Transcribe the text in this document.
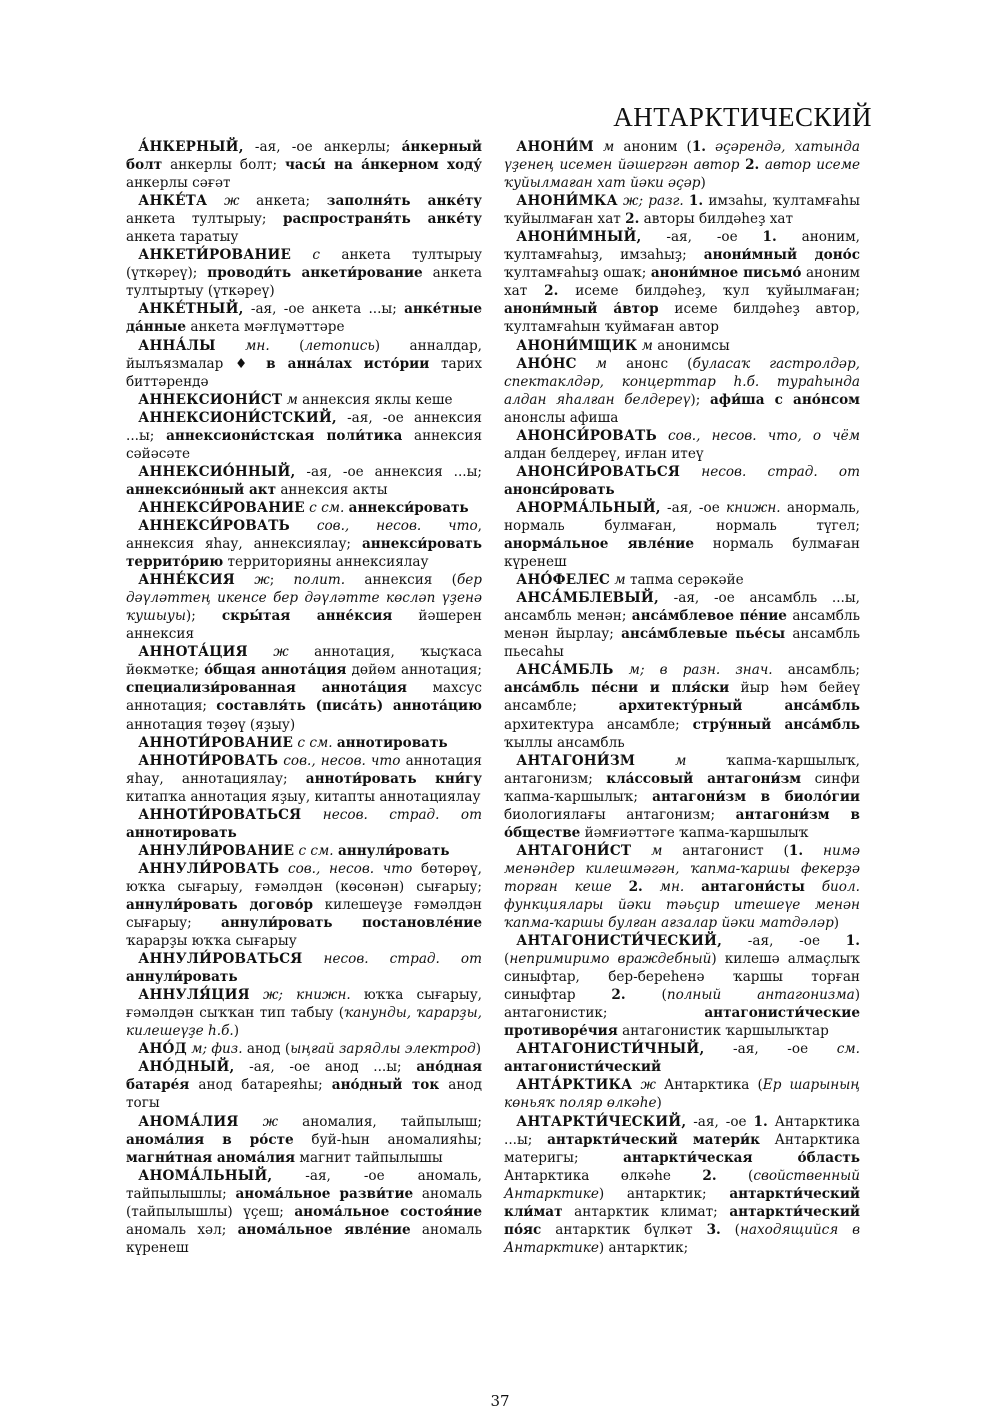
АНТАРКТИЧЕСКИЙ

А́НКЕРНЫЙ, -ая, -ое анкерлы; а́нкерный болт анкерлы болт; часы́ на а́нкерном ходу́ анкерлы сәғәт

АНКЕ́ТА ж анкета; заполня́ть анке́ту анкета тултырыу; распространя́ть анке́ту анкета таратыу

АНКЕТИ́РОВАНИЕ с анкета тултырыу (үткәреү); проводи́ть анкети́рование анкета тултыртыу (үткәреү)

АНКЕ́ТНЫЙ, -ая, -ое анкета ...ы; анке́тные да́нные анкета мәғлүмәттәре

АННА́ЛЫ мн. (летопись) анналдар, йылъязмалар ♦ в анна́лах исто́рии тарих биттәрендә

АННЕКСИОНИ́СТ м аннексия яклы кеше

АННЕКСИОНИ́СТСКИЙ, -ая, -ое аннексия ...ы; аннексиони́стская поли́тика аннексия сәйәсәте

АННЕКСИО́ННЫЙ, -ая, -ое аннексия ...ы; аннексио́нный акт аннексия акты

АННЕКСИ́РОВАНИЕ с см. аннекси́ровать

АННЕКСИ́РОВАТЬ сов., несов. что, аннексия яһау, аннексиялау; аннекси́ровать террито́рию территорияны аннексиялау

АННЕ́КСИЯ ж; полит. аннексия (бер дәүләттең икенсе бер дәүләтте көсләп үҙенә ҡушыуы); скры́тая анне́ксия йәшерен аннексия

АННОТА́ЦИЯ ж аннотация, ҡыҫҡаса йөкмәтке; о́бщая аннота́ция дөйөм аннотация; специализи́рованная аннота́ция махсус аннотация; составля́ть (писа́ть) аннота́цию аннотация төҙөү (яҙыу)

АННОТИ́РОВАНИЕ с см. аннотировать

АННОТИ́РОВАТЬ сов., несов. что аннотация яһау, аннотациялау; анноти́ровать кни́гу китапҡа аннотация яҙыу, китапты аннотациялау

АННОТИ́РОВАТЬСЯ несов. страд. от аннотировать

АННУЛИ́РОВАНИЕ с см. аннули́ровать

АННУЛИ́РОВАТЬ сов., несов. что бөтөрөү, юҡҡа сығарыу, ғәмәлдән (көсөнән) сығарыу; аннули́ровать догово́р килешеүҙе ғәмәлдән сығарыу; аннули́ровать постановле́ние ҡарарҙы юҡҡа сығарыу

АННУЛИ́РОВАТЬСЯ несов. страд. от аннули́ровать

АННУЛЯ́ЦИЯ ж; книжн. юҡҡа сығарыу, ғәмәлдән сыҡҡан тип табыу (ҡанунды, ҡарарҙы, килешеүҙе һ.б.)

АНО́Д м; физ. анод (ыңғай зарядлы электрод)

АНО́ДНЫЙ, -ая, -ое анод ...ы; ано́дная батаре́я анод батареяһы; ано́дный ток анод тогы

АНОМА́ЛИЯ ж аномалия, тайпылыш; анома́лия в ро́сте буй-һын аномалияһы; магни́тная анома́лия магнит тайпылышы

АНОМА́ЛЬНЫЙ, -ая, -ое аномаль, тайпылышлы; анома́льное разви́тие аномаль (тайпылышлы) үҫеш; анома́льное состоя́ние аномаль хәл; анома́льное явле́ние аномаль күренеш

АНОНИ́М м аноним (1. әҫәрендә, хатында үҙенең исемен йәшергән автор 2. автор исеме ҡуйылмаған хат йәки әҫәр)

АНОНИ́МКА ж; разг. 1. имзаһы, ҡултамғаһы ҡуйылмаған хат 2. авторы билдәһеҙ хат

АНОНИ́МНЫЙ, -ая, -ое 1. аноним, ҡултамғаһыҙ, имзаһыҙ; анони́мный доно́с ҡултамғаһыҙ ошаҡ; анони́мное письмо́ аноним хат 2. исеме билдәһеҙ, ҡул ҡуйылмаған; анони́мный а́втор исеме билдәһеҙ автор, ҡултамғаһын ҡуймаған автор

АНОНИ́МЩИК м анонимсы

АНО́НС м анонс (буласаҡ гастролдәр, спектаклдәр, концерттар һ.б. тураһында алдан яһалған белдереү); афи́ша с ано́нсом анонслы афиша

АНОНСИ́РОВАТЬ сов., несов. что, о чём алдан белдереү, иғлан итеү

АНОНСИ́РОВАТЬСЯ несов. страд. от анонси́ровать

АНОРМА́ЛЬНЫЙ, -ая, -ое книжн. анормаль, нормаль булмаған, нормаль түгел; анорма́льное явле́ние нормаль булмаған күренеш

АНО́ФЕЛЕС м тапма серәкәйе

АНСА́МБЛЕВЫЙ, -ая, -ое ансамбль ...ы, ансамбль менән; анса́мблевое пе́ние ансамбль менән йырлау; анса́мблевые пье́сы ансамбль пьесаһы

АНСА́МБЛЬ м; в разн. знач. ансамбль; анса́мбль пе́сни и пля́ски йыр һәм бейеү ансамбле; архитекту́рный анса́мбль архитектура ансамбле; стру́нный анса́мбль ҡыллы ансамбль

АНТАГОНИ́ЗМ м ҡапма-ҡаршылыҡ, антагонизм; кла́ссовый антагони́зм синфи ҡапма-ҡаршылыҡ; антагони́зм в биоло́гии биологиялағы антагонизм; антагони́зм в о́бществе йәмғиәттәге ҡапма-ҡаршылыҡ

АНТАГОНИ́СТ м антагонист (1. нимә менәндер килешмәгән, ҡапма-ҡаршы фекерҙә торған кеше 2. мн. антагони́сты биол. функциялары йәки тәьҫир итешеүе менән ҡапма-ҡаршы булған ағзалар йәки матдәләр)

АНТАГОНИСТИ́ЧЕСКИЙ, -ая, -ое 1. (непримиримо враждебный) килешә алмаҫлыҡ синыфтар, бер-береһенә ҡаршы торған синыфтар 2. (полный антагонизма) антагонистик; антагонисти́ческие противоре́чия антагонистик ҡаршылыҡтар

АНТАГОНИСТИ́ЧНЫЙ, -ая, -ое см. антагонисти́ческий

АНТА́РКТИКА ж Антарктика (Ер шарының көньяҡ поляр өлкәһе)

АНТАРКТИ́ЧЕСКИЙ, -ая, -ое 1. Антарктика ...ы; антаркти́ческий матери́к Антарктика материгы; антаркти́ческая о́бласть Антарктика өлкәһе 2. (свойственный Антарктике) антарктик; антаркти́ческий кли́мат антарктик климат; антаркти́ческий по́яс антарктик бүлкәт 3. (находящийся в Антарктике) антарктик;

37
